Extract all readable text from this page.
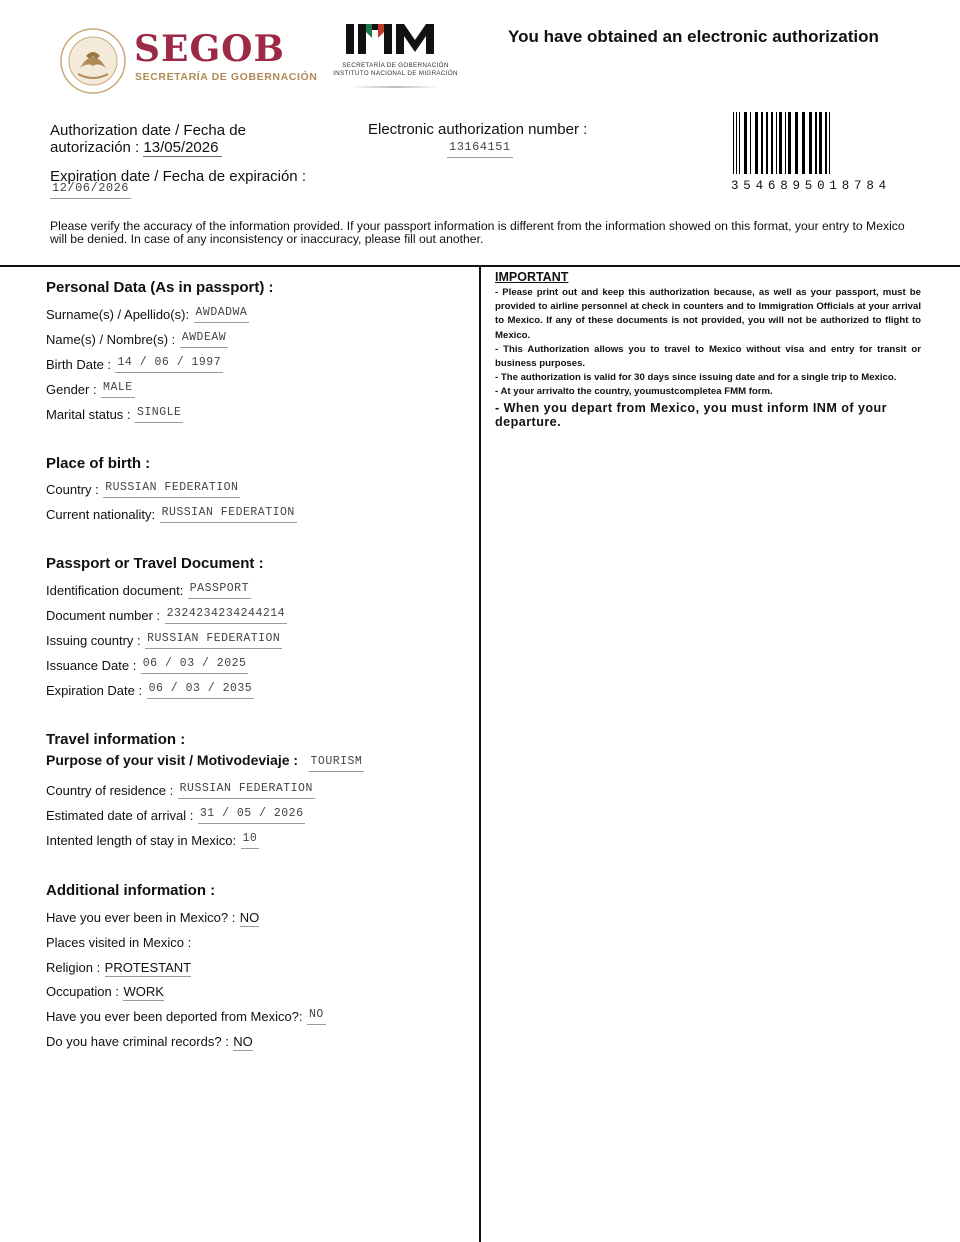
SEGOB
SECRETARÍA DE GOBERNACIÓN
SECRETARÍA DE GOBERNACIÓN
INSTITUTO NACIONAL DE MIGRACIÓN
You have obtained an electronic authorization
Authorization date / Fecha de
autorización : 13/05/2026
Expiration date / Fecha de expiración :
12/06/2026
Electronic authorization number :
13164151
3546895018784
Please verify the accuracy of the information provided. If your passport information is different from the information showed on this format, your entry to Mexico will be denied. In case of any inconsistency or inaccuracy, please fill out another.
Personal Data (As in passport) :
$_{Surname(s) / Apellido(s):}$ AWDADWA
$_{Name(s) / Nombre(s) :}$ AWDEAW
$_{Birth Date :}$ 14 / 06 / 1997
$_{Gender :}$ MALE
$_{Marital status :}$ SINGLE
Place of birth :
$_{Country :}$ RUSSIAN FEDERATION
$_{Current nationality:}$ RUSSIAN FEDERATION
Passport or Travel Document :
$_{Identification document:}$ PASSPORT
$_{Document number :}$ 2324234234244214
$_{Issuing country :}$ RUSSIAN FEDERATION
$_{Issuance Date :}$ 06 / 03 / 2025
$_{Expiration Date :}$ 06 / 03 / 2035
Travel information :
Purpose of your visit / Motivodeviaje : TOURISM
$_{Country of residence :}$ RUSSIAN FEDERATION
$_{Estimated date of arrival :}$ 31 / 05 / 2026
$_{Intented length of stay in Mexico:}$ 10
Additional information :
Have you ever been in Mexico? : NO
Places visited in Mexico :
Religion : PROTESTANT
Occupation : WORK
$_{Have you ever been deported from Mexico?:}$ NO
Do you have criminal records? : NO
IMPORTANT
- Please print out and keep this authorization because, as well as your passport, must be provided to airline personnel at check in counters and to Immigration Officials at your arrival to Mexico. If any of these documents is not provided, you will not be authorized to flight to Mexico.
- This Authorization allows you to travel to Mexico without visa and entry for transit or business purposes.
- The authorization is valid for 30 days since issuing date and for a single trip to Mexico.
- At your arrivalto the country, youmustcompletea FMM form.
- When you depart from Mexico, you must inform INM of your departure.
